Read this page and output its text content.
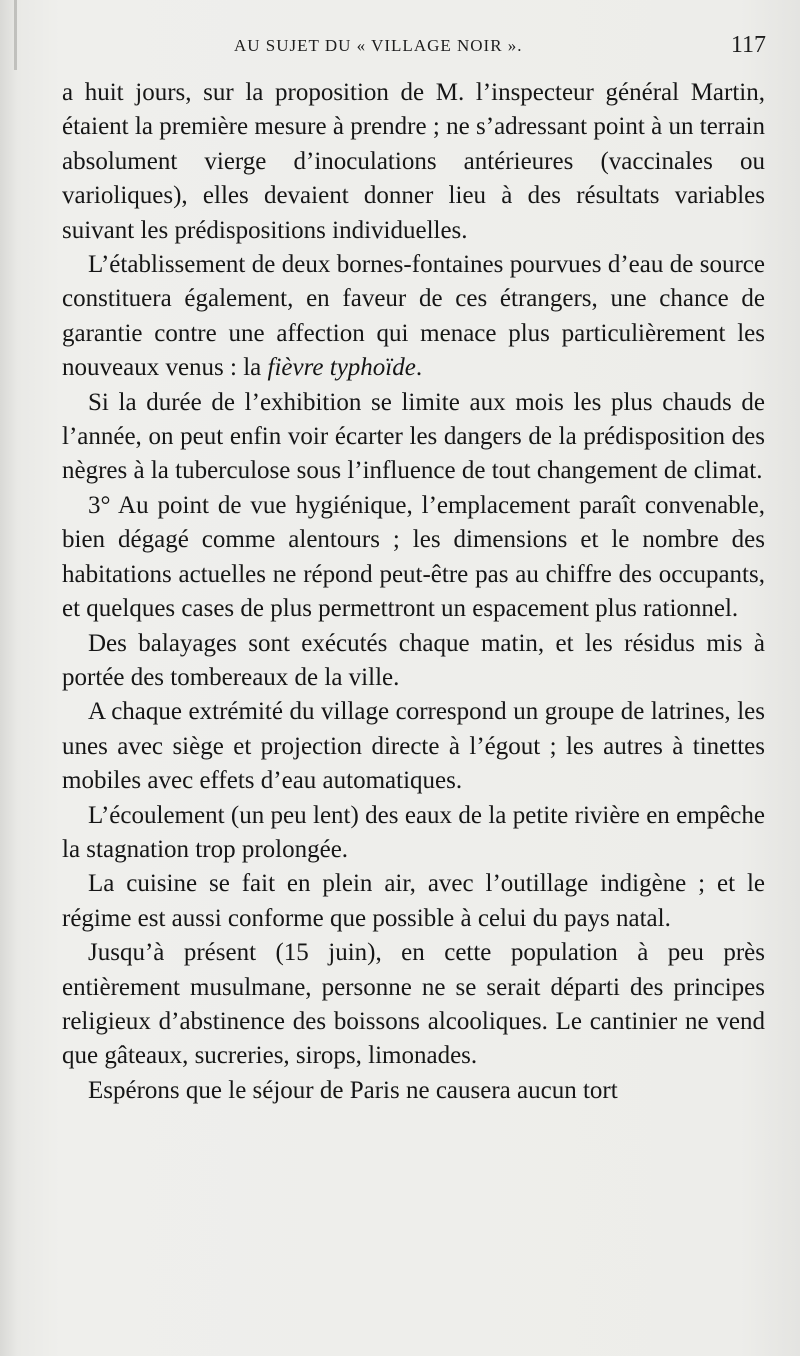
AU SUJET DU « VILLAGE NOIR ».	117

a huit jours, sur la proposition de M. l’inspecteur général Martin, étaient la première mesure à prendre ; ne s’adressant point à un terrain absolument vierge d’inoculations antérieures (vaccinales ou varioliques), elles devaient donner lieu à des résultats variables suivant les prédispositions individuelles.

L’établissement de deux bornes-fontaines pourvues d’eau de source constituera également, en faveur de ces étrangers, une chance de garantie contre une affection qui menace plus particulièrement les nouveaux venus : la fièvre typhoïde.

Si la durée de l’exhibition se limite aux mois les plus chauds de l’année, on peut enfin voir écarter les dangers de la prédisposition des nègres à la tuberculose sous l’influence de tout changement de climat.

3° Au point de vue hygiénique, l’emplacement paraît convenable, bien dégagé comme alentours ; les dimensions et le nombre des habitations actuelles ne répond peut-être pas au chiffre des occupants, et quelques cases de plus permettront un espacement plus rationnel.

Des balayages sont exécutés chaque matin, et les résidus mis à portée des tombereaux de la ville.

A chaque extrémité du village correspond un groupe de latrines, les unes avec siège et projection directe à l’égout ; les autres à tinettes mobiles avec effets d’eau automatiques.

L’écoulement (un peu lent) des eaux de la petite rivière en empêche la stagnation trop prolongée.

La cuisine se fait en plein air, avec l’outillage indigène ; et le régime est aussi conforme que possible à celui du pays natal.

Jusqu’à présent (15 juin), en cette population à peu près entièrement musulmane, personne ne se serait départi des principes religieux d’abstinence des boissons alcooliques. Le cantinier ne vend que gâteaux, sucreries, sirops, limonades.

Espérons que le séjour de Paris ne causera aucun tort
